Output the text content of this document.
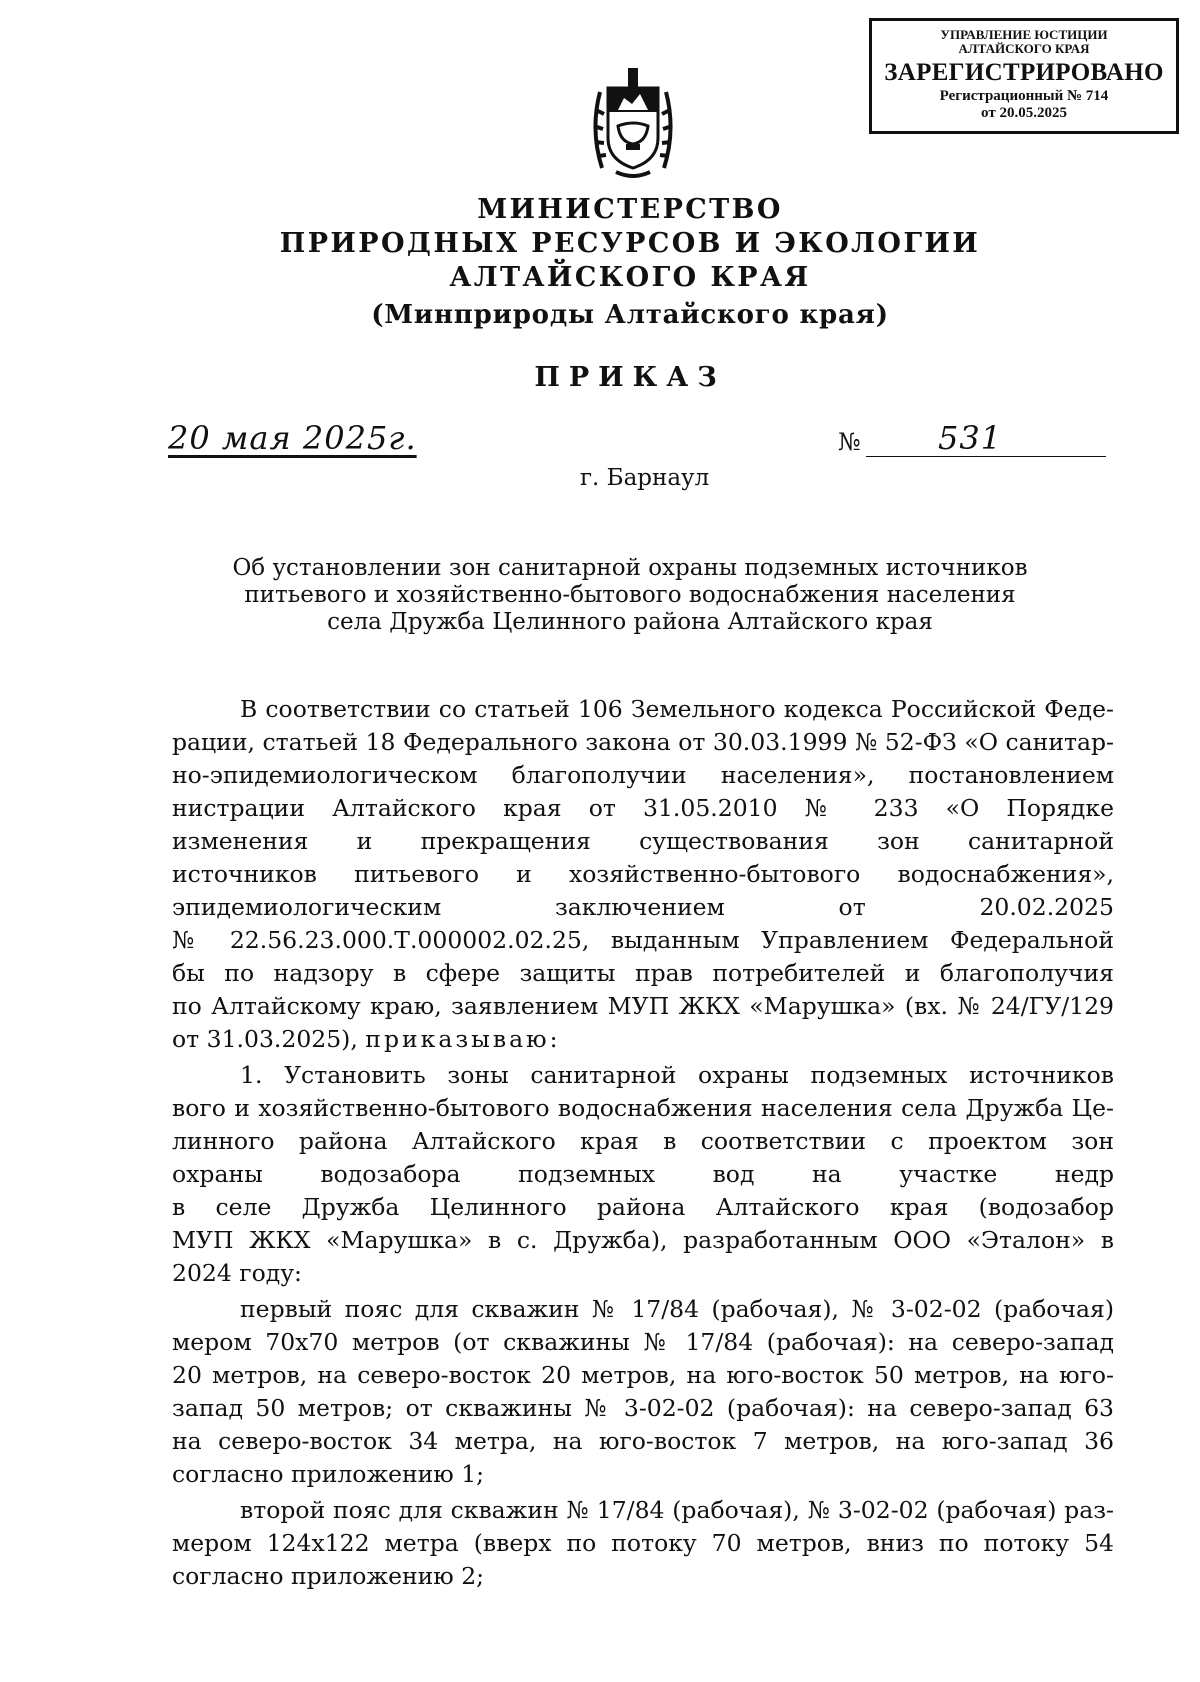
УПРАВЛЕНИЕ ЮСТИЦИИ
АЛТАЙСКОГО КРАЯ
ЗАРЕГИСТРИРОВАНО
Регистрационный № 714
от 20.05.2025
МИНИСТЕРСТВО
ПРИРОДНЫХ РЕСУРСОВ И ЭКОЛОГИИ
АЛТАЙСКОГО КРАЯ
(Минприроды Алтайского края)
ПРИКАЗ
20 мая 2025г.	№ 531
г. Барнаул
Об установлении зон санитарной охраны подземных источников
питьевого и хозяйственно-бытового водоснабжения населения
села Дружба Целинного района Алтайского края
В соответствии со статьей 106 Земельного кодекса Российской Феде-
рации, статьей 18 Федерального закона от 30.03.1999 № 52-ФЗ «О санитар-
но-эпидемиологическом благополучии населения», постановлением
нистрации Алтайского края от 31.05.2010 № 233 «О Порядке
изменения и прекращения существования зон санитарной
источников питьевого и хозяйственно-бытового водоснабжения»,
эпидемиологическим заключением от 20.02.2025
№ 22.56.23.000.Т.000002.02.25, выданным Управлением Федеральной
бы по надзору в сфере защиты прав потребителей и благополучия
по Алтайскому краю, заявлением МУП ЖКХ «Марушка» (вх. № 24/ГУ/129
от 31.03.2025), приказываю:
1. Установить зоны санитарной охраны подземных источников
вого и хозяйственно-бытового водоснабжения населения села Дружба Це-
линного района Алтайского края в соответствии с проектом зон
охраны водозабора подземных вод на участке недр
в селе Дружба Целинного района Алтайского края (водозабор
МУП ЖКХ «Марушка» в с. Дружба), разработанным ООО «Эталон» в
2024 году:
первый пояс для скважин № 17/84 (рабочая), № 3-02-02 (рабочая)
мером 70x70 метров (от скважины № 17/84 (рабочая): на северо-запад
20 метров, на северо-восток 20 метров, на юго-восток 50 метров, на юго-
запад 50 метров; от скважины № 3-02-02 (рабочая): на северо-запад 63
на северо-восток 34 метра, на юго-восток 7 метров, на юго-запад 36
согласно приложению 1;
второй пояс для скважин № 17/84 (рабочая), № 3-02-02 (рабочая) раз-
мером 124x122 метра (вверх по потоку 70 метров, вниз по потоку 54
согласно приложению 2;
